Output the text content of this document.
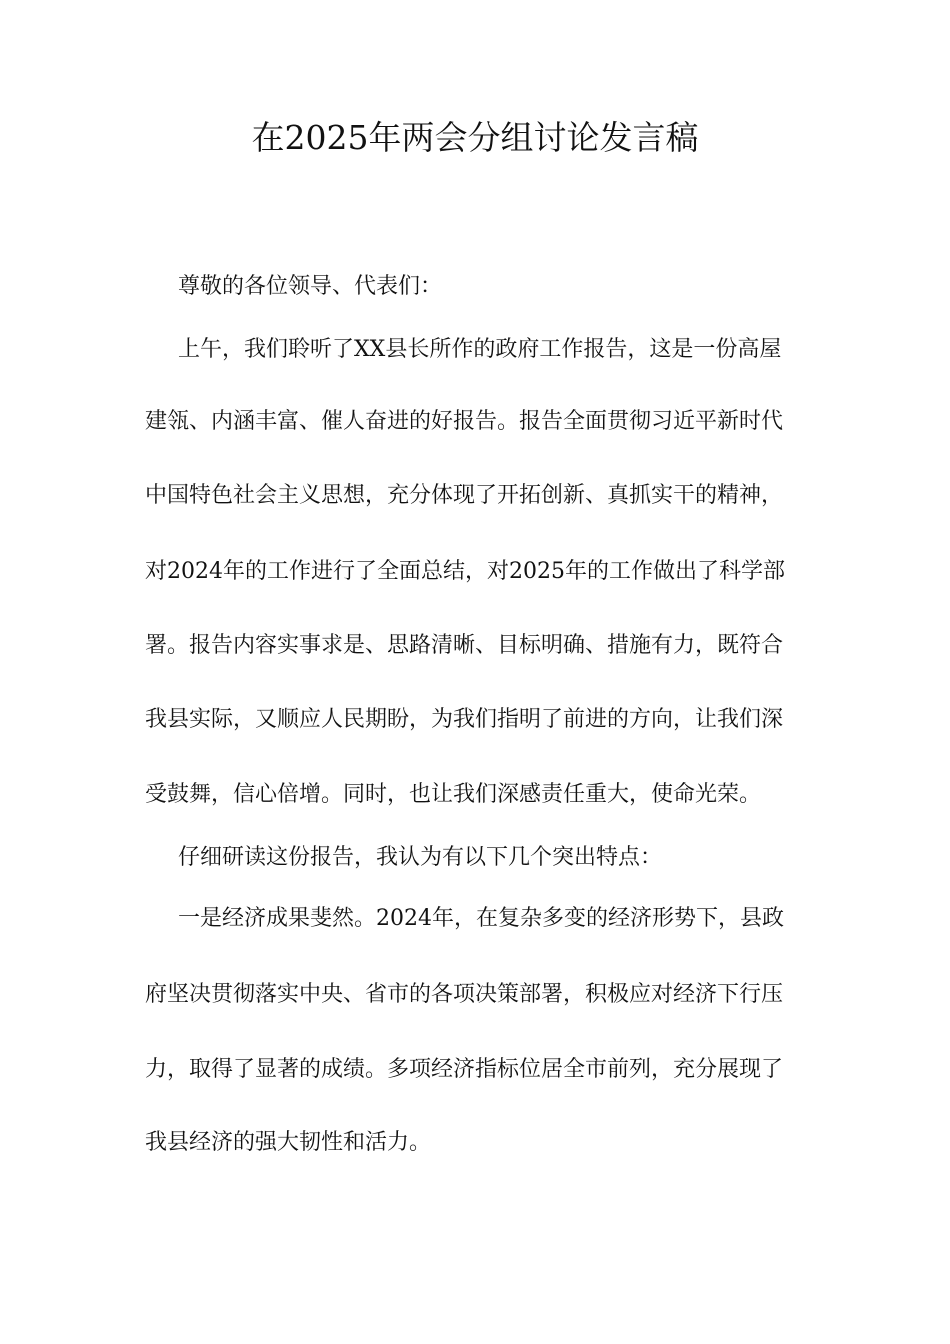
在2025年两会分组讨论发言稿
尊敬的各位领导、代表们：
上午，我们聆听了XX县长所作的政府工作报告，这是一份高屋
建瓴、内涵丰富、催人奋进的好报告。报告全面贯彻习近平新时代
中国特色社会主义思想，充分体现了开拓创新、真抓实干的精神，
对2024年的工作进行了全面总结，对2025年的工作做出了科学部
署。报告内容实事求是、思路清晰、目标明确、措施有力，既符合
我县实际，又顺应人民期盼，为我们指明了前进的方向，让我们深
受鼓舞，信心倍增。同时，也让我们深感责任重大，使命光荣。
仔细研读这份报告，我认为有以下几个突出特点：
一是经济成果斐然。2024年，在复杂多变的经济形势下，县政
府坚决贯彻落实中央、省市的各项决策部署，积极应对经济下行压
力，取得了显著的成绩。多项经济指标位居全市前列，充分展现了
我县经济的强大韧性和活力。
